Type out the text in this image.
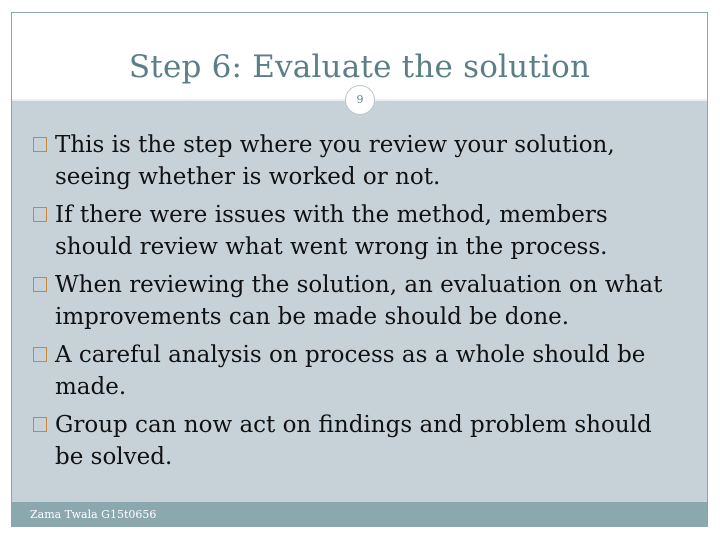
Step 6: Evaluate the solution
9
This is the step where you review your solution, seeing whether is worked or not.
If there were issues with the method, members should review what went wrong in the process.
When reviewing the solution, an evaluation on what improvements can be made should be done.
A careful analysis on process as a whole should be made.
Group can now act on findings and problem should be solved.
Zama Twala G15t0656
